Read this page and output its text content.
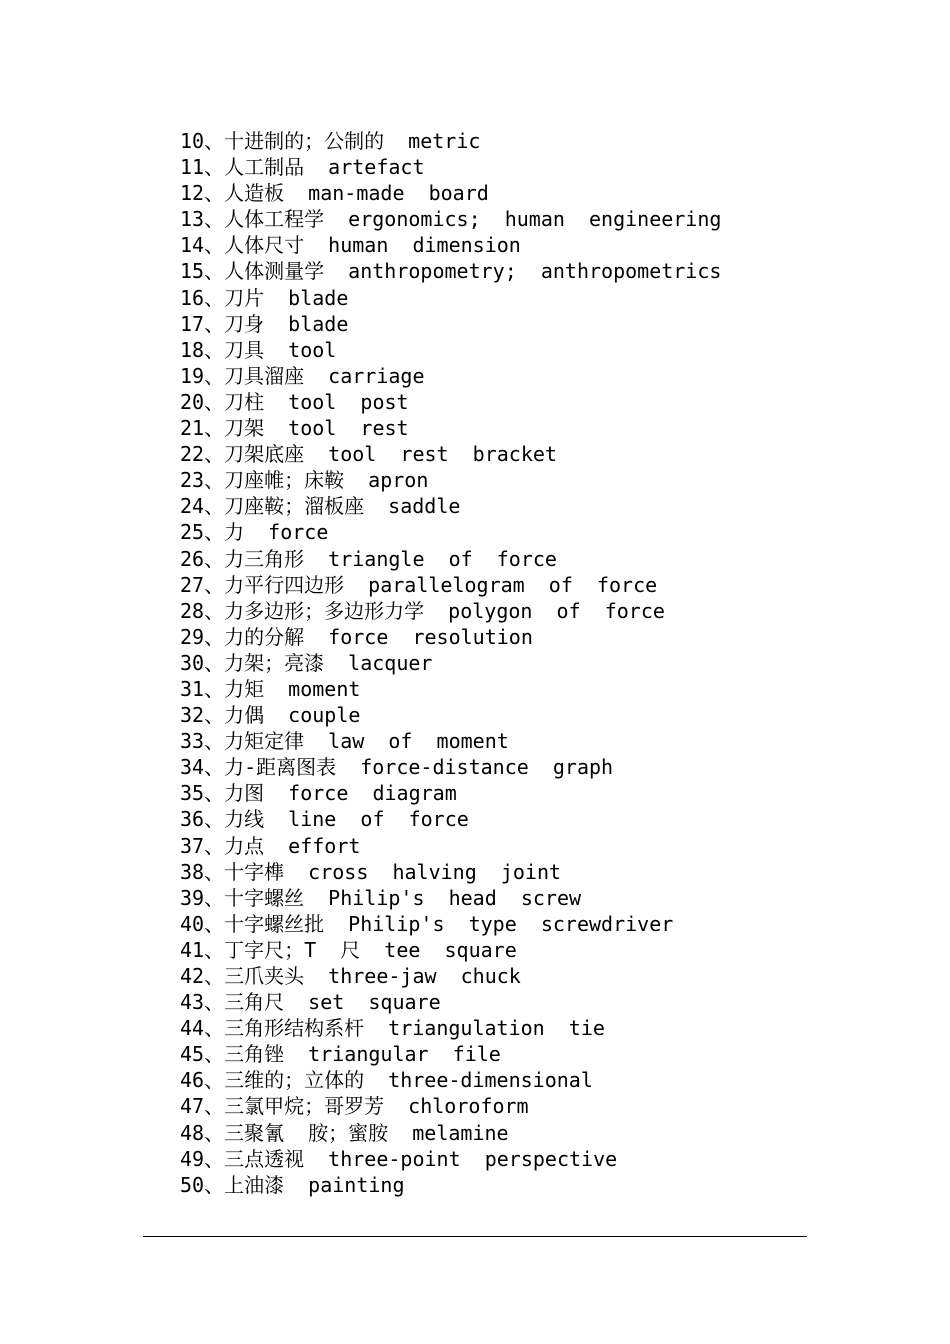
10、十进制的；公制的  metric
11、人工制品  artefact
12、人造板  man-made  board
13、人体工程学  ergonomics;  human  engineering
14、人体尺寸  human  dimension
15、人体测量学  anthropometry;  anthropometrics
16、刀片  blade
17、刀身  blade
18、刀具  tool
19、刀具溜座  carriage
20、刀柱  tool  post
21、刀架  tool  rest
22、刀架底座  tool  rest  bracket
23、刀座帷；床鞍  apron
24、刀座鞍；溜板座  saddle
25、力  force
26、力三角形  triangle  of  force
27、力平行四边形  parallelogram  of  force
28、力多边形；多边形力学  polygon  of  force
29、力的分解  force  resolution
30、力架；亮漆  lacquer
31、力矩  moment
32、力偶  couple
33、力矩定律  law  of  moment
34、力-距离图表  force-distance  graph
35、力图  force  diagram
36、力线  line  of  force
37、力点  effort
38、十字榫  cross  halving  joint
39、十字螺丝  Philip's  head  screw
40、十字螺丝批  Philip's  type  screwdriver
41、丁字尺；T  尺  tee  square
42、三爪夹头  three-jaw  chuck
43、三角尺  set  square
44、三角形结构系杆  triangulation  tie
45、三角锉  triangular  file
46、三维的；立体的  three-dimensional
47、三氯甲烷；哥罗芳  chloroform
48、三聚氰  胺；蜜胺  melamine
49、三点透视  three-point  perspective
50、上油漆  painting
